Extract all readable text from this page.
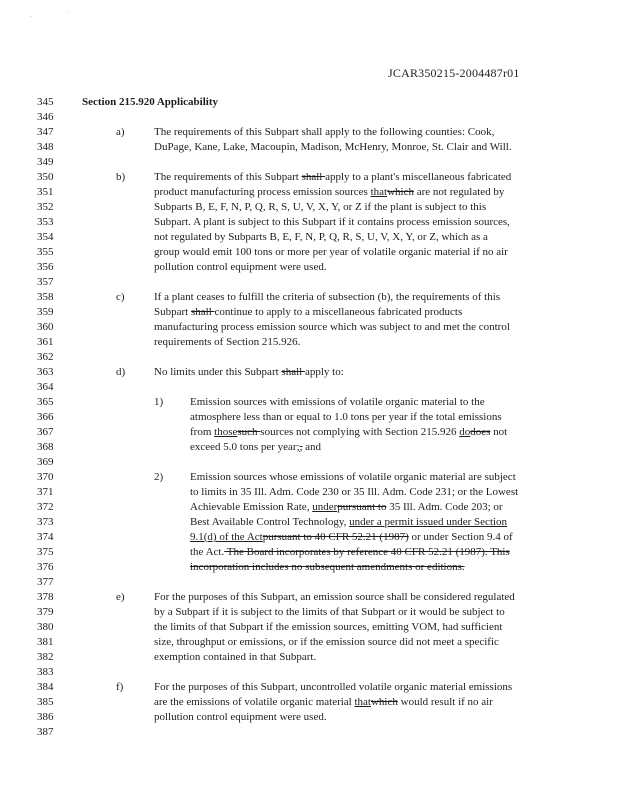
·
·
JCAR350215-2004487r01
345
346
347
348
349
350
351
352
353
354
355
356
357
358
359
360
361
362
363
364
365
366
367
368
369
370
371
372
373
374
375
376
377
378
379
380
381
382
383
384
385
386
387
Section 215.920 Applicability
a)	The requirements of this Subpart shall apply to the following counties: Cook,
DuPage, Kane, Lake, Macoupin, Madison, McHenry, Monroe, St. Clair and Will.
b)	The requirements of this Subpart shall apply to a plant's miscellaneous fabricated
product manufacturing process emission sources thatwhich are not regulated by
Subparts B, E, F, N, P, Q, R, S, U, V, X, Y, or Z if the plant is subject to this
Subpart. A plant is subject to this Subpart if it contains process emission sources,
not regulated by Subparts B, E, F, N, P, Q, R, S, U, V, X, Y, or Z, which as a
group would emit 100 tons or more per year of volatile organic material if no air
pollution control equipment were used.
c)	If a plant ceases to fulfill the criteria of subsection (b), the requirements of this
Subpart shall continue to apply to a miscellaneous fabricated products
manufacturing process emission source which was subject to and met the control
requirements of Section 215.926.
d)	No limits under this Subpart shall apply to:
1) Emission sources with emissions of volatile organic material to the
atmosphere less than or equal to 1.0 tons per year if the total emissions
from thosesuch sources not complying with Section 215.926 dodoes not
exceed 5.0 tons per year;, and
2) Emission sources whose emissions of volatile organic material are subject
to limits in 35 Ill. Adm. Code 230 or 35 Ill. Adm. Code 231; or the Lowest
Achievable Emission Rate, underpursuant to 35 Ill. Adm. Code 203; or
Best Available Control Technology, under a permit issued under Section
9.1(d) of the Actpursuant to 40 CFR 52.21 (1987) or under Section 9.4 of
the Act. The Board incorporates by reference 40 CFR 52.21 (1987). This
incorporation includes no subsequent amendments or editions.
e)	For the purposes of this Subpart, an emission source shall be considered regulated
by a Subpart if it is subject to the limits of that Subpart or it would be subject to
the limits of that Subpart if the emission sources, emitting VOM, had sufficient
size, throughput or emissions, or if the emission source did not meet a specific
exemption contained in that Subpart.
f)	For the purposes of this Subpart, uncontrolled volatile organic material emissions
are the emissions of volatile organic material thatwhich would result if no air
pollution control equipment were used.
